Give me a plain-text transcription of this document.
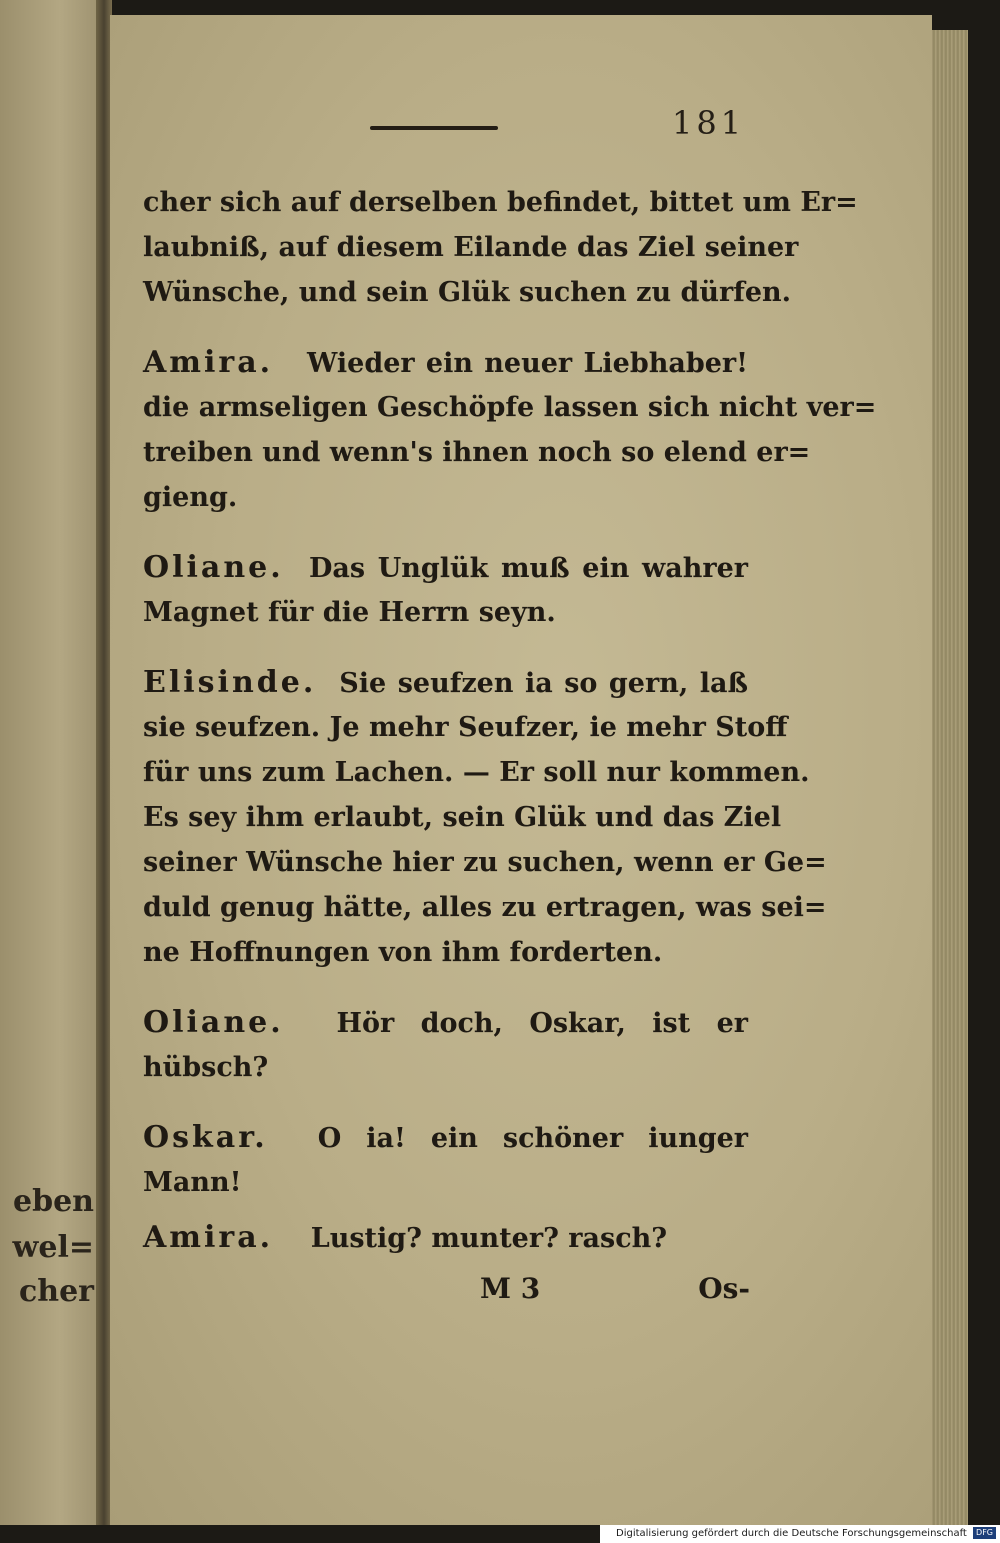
eben
wel=
cher
181
cher sich auf derselben befindet, bittet um Er=
laubniß, auf diesem Eilande das Ziel seiner
Wünsche, und sein Glük suchen zu dürfen.
Amira. Wieder ein neuer Liebhaber!
die armseligen Geschöpfe lassen sich nicht ver=
treiben und wenn's ihnen noch so elend er=
gieng.
Oliane. Das Unglük muß ein wahrer
Magnet für die Herrn seyn.
Elisinde. Sie seufzen ia so gern, laß
sie seufzen. Je mehr Seufzer, ie mehr Stoff
für uns zum Lachen. — Er soll nur kommen.
Es sey ihm erlaubt, sein Glük und das Ziel
seiner Wünsche hier zu suchen, wenn er Ge=
duld genug hätte, alles zu ertragen, was sei=
ne Hoffnungen von ihm forderten.
Oliane. Hör doch, Oskar, ist er
hübsch?
Oskar. O ia! ein schöner iunger
Mann!
Amira. Lustig? munter? rasch?
M 3	Os-
Digitalisierung gefördert durch die Deutsche Forschungsgemeinschaft DFG
